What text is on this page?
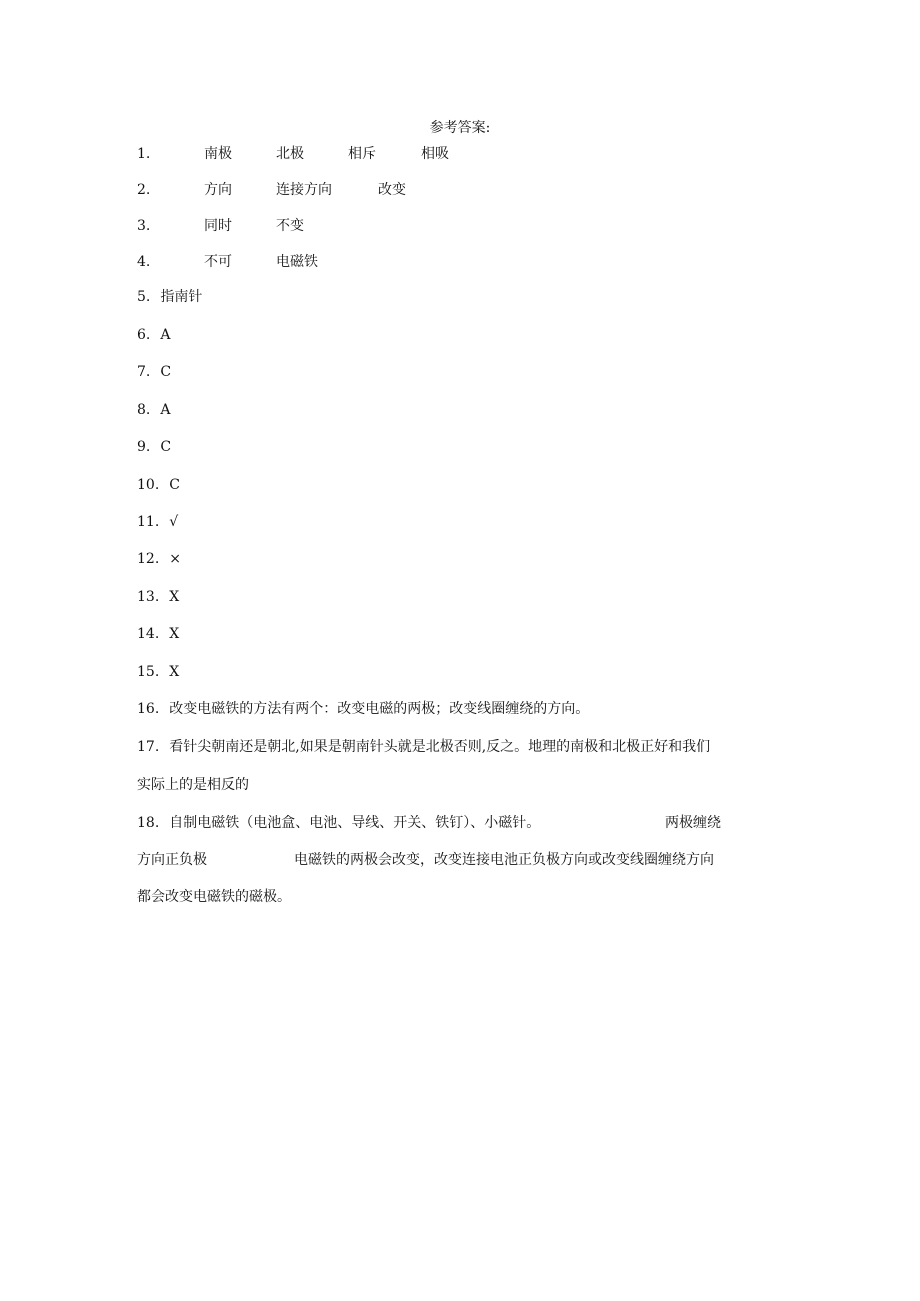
参考答案:
1.	南极	北极	相斥	相吸
2.	方向	连接方向	改变
3.	同时	不变
4.	不可	电磁铁
5. 指南针
6. A
7. C
8. A
9. C
10. C
11. √
12. ×
13. X
14. X
15. X
16. 改变电磁铁的方法有两个：改变电磁的两极；改变线圈缠绕的方向。
17. 看针尖朝南还是朝北,如果是朝南针头就是北极否则,反之。地理的南极和北极正好和我们
实际上的是相反的
18. 自制电磁铁（电池盒、电池、导线、开关、铁钉）、小磁针。	两极缠绕
方向正负极	电磁铁的两极会改变，改变连接电池正负极方向或改变线圈缠绕方向
都会改变电磁铁的磁极。
